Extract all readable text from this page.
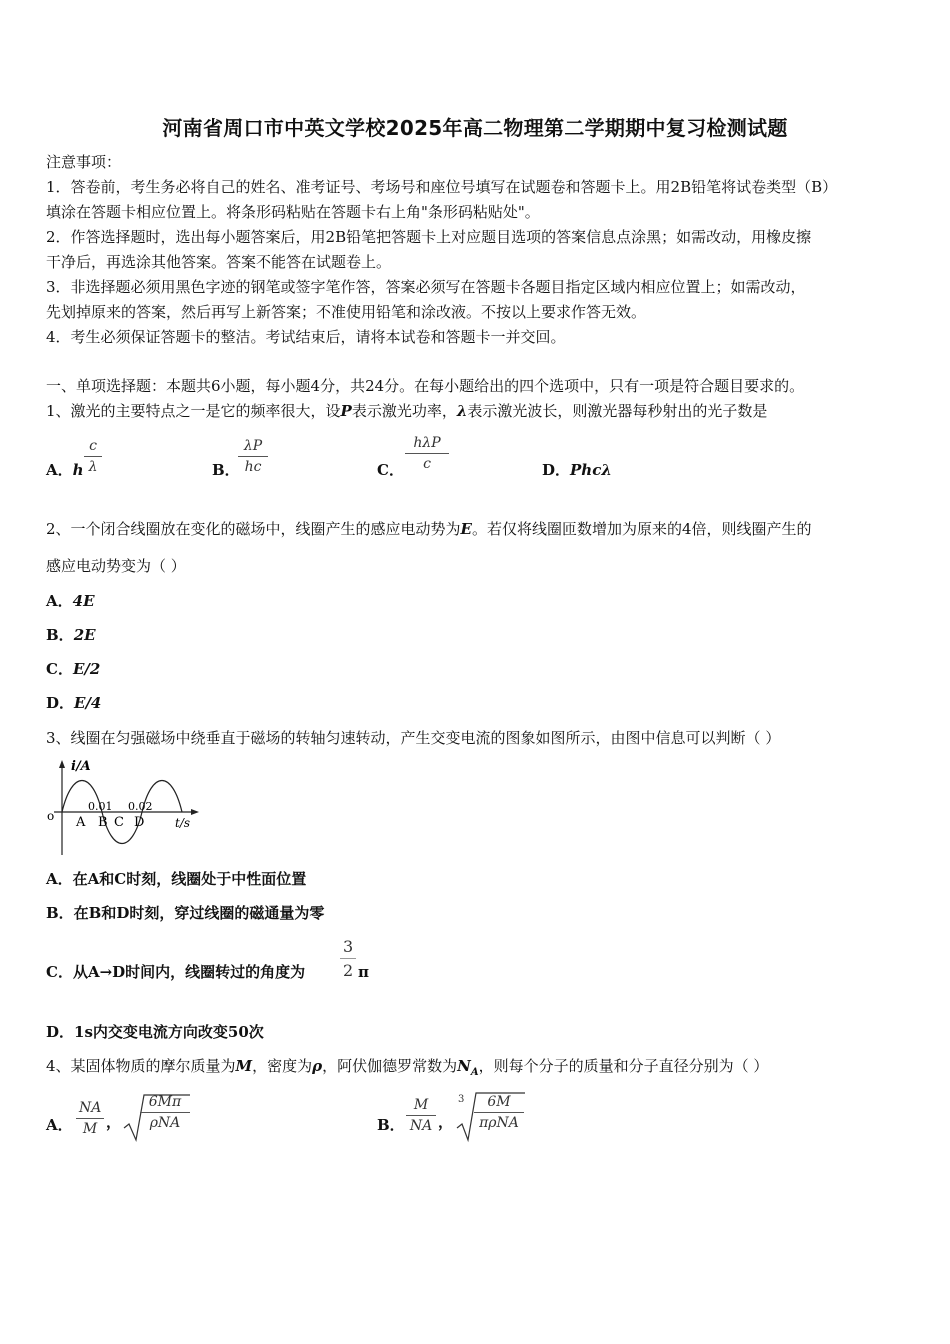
河南省周口市中英文学校2025年高二物理第二学期期中复习检测试题
注意事项：
1．答卷前，考生务必将自己的姓名、准考证号、考场号和座位号填写在试题卷和答题卡上。用2B铅笔将试卷类型（B）
填涂在答题卡相应位置上。将条形码粘贴在答题卡右上角"条形码粘贴处"。
2．作答选择题时，选出每小题答案后，用2B铅笔把答题卡上对应题目选项的答案信息点涂黑；如需改动，用橡皮擦
干净后，再选涂其他答案。答案不能答在试题卷上。
3．非选择题必须用黑色字迹的钢笔或签字笔作答，答案必须写在答题卡各题目指定区域内相应位置上；如需改动，
先划掉原来的答案，然后再写上新答案；不准使用铅笔和涂改液。不按以上要求作答无效。
4．考生必须保证答题卡的整洁。考试结束后，请将本试卷和答题卡一并交回。
一、单项选择题：本题共6小题，每小题4分，共24分。在每小题给出的四个选项中，只有一项是符合题目要求的。
1、激光的主要特点之一是它的频率很大，设P表示激光功率，λ表示激光波长，则激光器每秒射出的光子数是
A．h
c
λ	B．
λP
hc	C．
hλP
c	D．Phcλ
2、一个闭合线圈放在变化的磁场中，线圈产生的感应电动势为E。若仅将线圈匝数增加为原来的4倍，则线圈产生的
感应电动势变为（ ）
A．4E
B．2E
C．E/2
D．E/4
3、线圈在匀强磁场中绕垂直于磁场的转轴匀速转动，产生交变电流的图象如图所示，由图中信息可以判断（ ）
i/A
o
0.01 0.02
A B C D	t/s
A．在A和C时刻，线圈处于中性面位置
B．在B和D时刻，穿过线圈的磁通量为零
C．从A→D时间内，线圈转过的角度为
3
2 π
D．1s内交变电流方向改变50次
4、某固体物质的摩尔质量为M，密度为ρ，阿伏伽德罗常数为$N_A$，则每个分子的质量和分子直径分别为（ ）
A．
NA
M ，
6Mπ
ρNA	B．
M
NA ，
3	6M
πρNA
